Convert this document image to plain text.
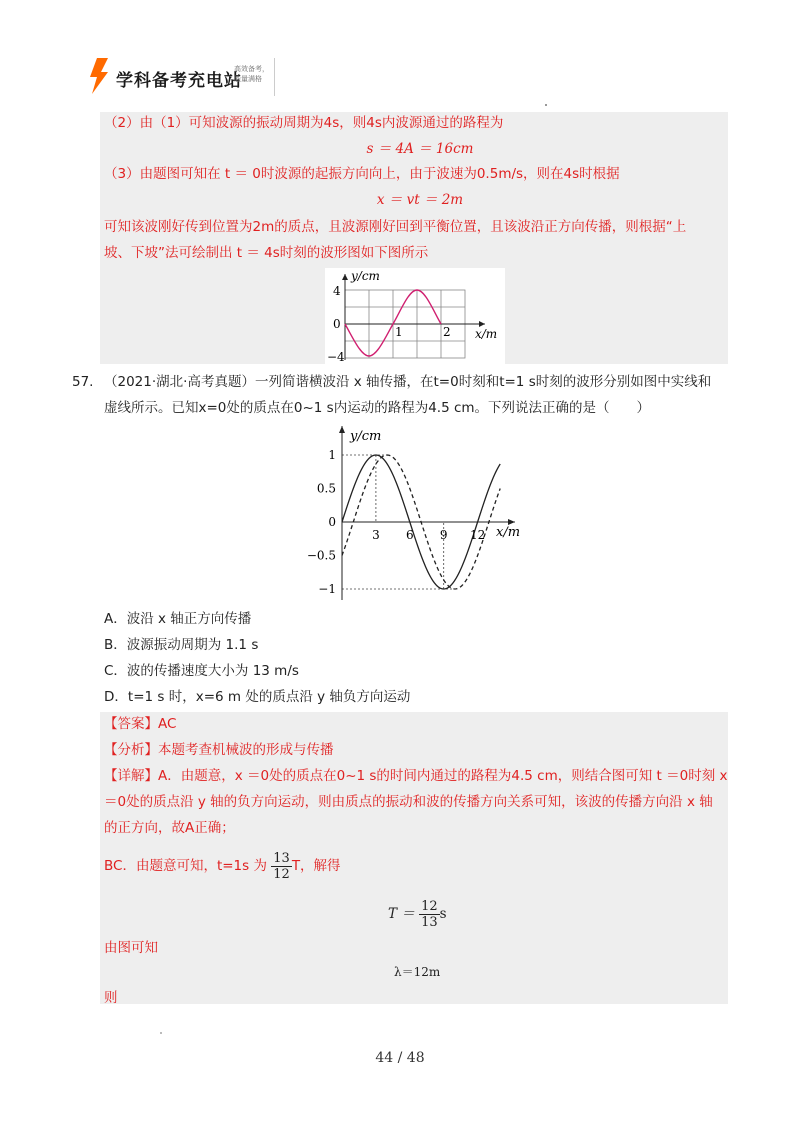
学科备考充电站
高效备考，能量满格
（2）由（1）可知波源的振动周期为4s，则4s内波源通过的路程为
s ＝ 4A ＝ 16cm
（3）由题图可知在 t ＝ 0时波源的起振方向向上，由于波速为0.5m/s，则在4s时根据
x ＝ vt ＝ 2m
可知该波刚好传到位置为2m的质点，且波源刚好回到平衡位置，且该波沿正方向传播，则根据“上
坡、下坡”法可绘制出 t ＝ 4s时刻的波形图如下图所示
y/cm
4
0
−4
1	2 x/m
57. （2021·湖北·高考真题）一列简谐横波沿 x 轴传播，在t=0时刻和t=1 s时刻的波形分别如图中实线和
虚线所示。已知x=0处的质点在0~1 s内运动的路程为4.5 cm。下列说法正确的是（　　）
y/cm
x/m
1
0.5
0
−0.5
−1
3 6 9 12
A．波沿 x 轴正方向传播
B．波源振动周期为 1.1 s
C．波的传播速度大小为 13 m/s
D．t=1 s 时，x=6 m 处的质点沿 y 轴负方向运动
【答案】AC
【分析】本题考查机械波的形成与传播
【详解】A．由题意，x ＝0处的质点在0~1 s的时间内通过的路程为4.5 cm，则结合图可知 t ＝0时刻 x
＝0处的质点沿 y 轴的负方向运动，则由质点的振动和波的传播方向关系可知，该波的传播方向沿 x 轴
的正方向，故A正确；
BC．由题意可知，t=1s 为 $\frac{13}{12}$ T，解得
$T = \frac{12}{13}$ s
由图可知
λ＝12m
则
44 / 48
